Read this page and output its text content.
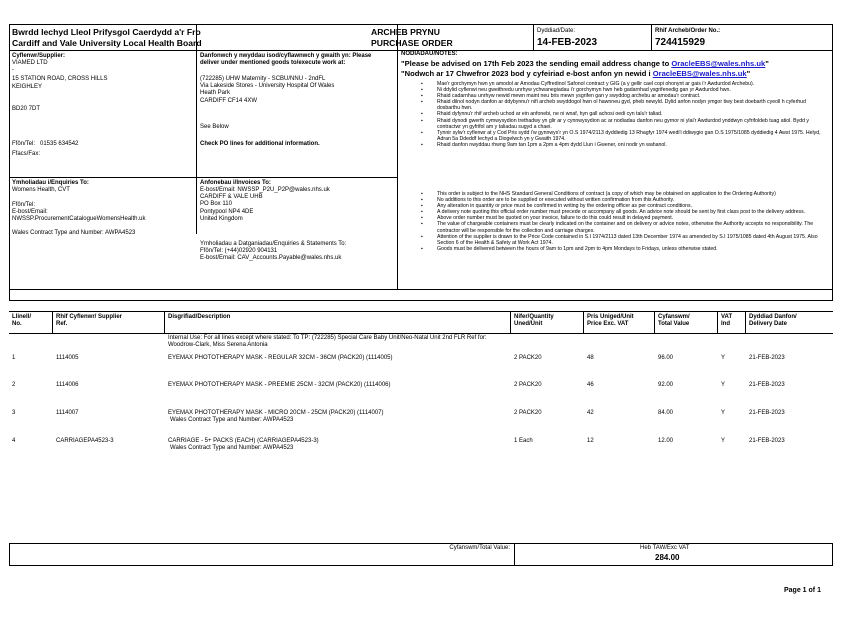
Bwrdd Iechyd Lleol Prifysgol Caerdydd a'r Fro
Cardiff and Vale University Local Health Board
ARCHEB PRYNU
PURCHASE ORDER
Dyddiad/Date:
14-FEB-2023
Rhif Archeb/Order No.:
724415929
Cyflenwr/Supplier:
VIAMED LTD
-
15 STATION ROAD, CROSS HILLS
KEIGHLEY
BD20 7DT
Ffôn/Tel:   01535 634542
Ffacs/Fax:
Danfonwch y nwyddau isod/cyflawnwch y gwaith yn: Please deliver under mentioned goods to/execute work at:
(722285) UHW Maternity - SCBU/NNU - 2ndFL
Via Lakeside Stores - University Hospital Of Wales
Heath Park
CARDIFF CF14 4XW
See Below
Check PO lines for additional information.
Ymholiadau i/Enquiries To:
Womens Health, CVT
Ffôn/Tel:
E-bost/Email:
NWSSP.ProcurementCatalogueWomensHealth.uk
Wales Contract Type and Number: AWPA4523
Anfonebau i/Invoices To:
E-bost/Email: NWSSP_P2U_P2P@wales.nhs.uk
CARDIFF & VALE UHB
PO Box 110
Pontypool NP4 4DE
United Kingdom
Ymholiadau a Datganiadau/Enquiries & Statements To:
Ffôn/Tel: (+44)02920 904131
E-bost/Email: CAV_Accounts.Payable@wales.nhs.uk
NODIADAU/NOTES:
"Please be advised on 17th Feb 2023 the sending email address change to OracleEBS@wales.nhs.uk"
"Nodwch ar 17 Chwefror 2023 bod y cyfeiriad e-bost anfon yn newid i OracleEBS@wales.nhs.uk"
▪ Mae'r gorchymyn hwn yn amodol ar Amodau Cyffredinol Safonol contract y GIG (a y gellir cael copi ohonynt ar gais i'r Awdurdod Archebu).
▪ Ni ddylid cyflenwi neu gweithredu unrhyw ychwanegiadau i'r gorchymyn hwn heb gadarnhad ysgrifenedig gan yr Awdurdod hwn.
▪ Rhaid cadarnhau unrhyw newid mewn maint neu bris mewn ysgrifen gan y swyddog archebu ar amodau'r contract.
▪ Rhaid dilnol nodyn danfon ar ddybynnu'r nifi archeb swyddogol hwn ol hawnneu gyd, pheb newyld. Dylid anfon nodyn ymgor tiwy best doebarth cyeoll h cyferhud dosbarthu hwn.
▪ Rhaid dyfynnu'r rhif archeb uchod ar ein anfonebi, ne ni wnaf, hyn gall achosi oedi cyn talu'r taliad.
▪ Rhaid dynodi gwerth cymwysydion trethadwy yn glir ar y cynnwysydion ac ar nodiadau danfon neu gyrnor ni ylai'r Awdurdod ynddwyn cyfrifoldeb tuag atiol. Bydd y contractwr yn gyfrifol am y taliadau sugyd a chaei.
▪ Tynnir sylw'r cyflenwr at y Cod Pris sydd i'w gynnwys'r yn O.S 1974/2113 dyddiedig 13 Rhagfyr 1974 wedi'i ddiwygio gan O.S 1975/1085 dyddiedig 4 Awst 1975. Helyd, Adran 5a Ddeddf Iechyd a Diogelwch yn y Gwaith 1974.
▪ Rhaid danfon nwyddau rhwng 9am tan 1pm a 2pm a 4pm dydd Llun i Gwener, oni nodir yn wahanol.
▪ This order is subject to the NHS Standard General Conditions of contract (a copy of which may be obtained on application to the Ordering Authority)
▪ No additions to this order are to be supplied or executed without written confirmation from this Authority.
▪ Any alteration in quantity or price must be confirmed in writing by the ordering officer as per contract conditions.
▪ A delivery note quoting this official order number must precede or accompany all goods. An advice note should be sent by first class post to the delivery address.
▪ Above order number must be quoted on your invoice, failure to do this could result in delayed payment.
▪ The value of chargeable containers must be clearly indicated on the container and on delivery or advice notes, otherwise the Authority accepts no responsibility. The contractor will be responsible for the collection and carriage charges.
▪ Attention of the supplier is drawn to the Price Code contained in S.I 1974/2113 dated 13th December 1974 as amended by S.I 1975/1085 dated 4th August 1975. Also Section 6 of the Health & Safety at Work Act 1974.
▪ Goods must be delivered between the hours of 9am to 1pm and 2pm to 4pm Mondays to Fridays, unless otherwise stated.
Llinell/
No.
Rhif Cyflenwr/ Supplier
Ref.
Disgrifiad/Description	Nifer/Quantity
Uned/Unit
Pris Uniged/Unit
Price Exc. VAT
Cyfanswm/
Total Value
VAT
Ind
Dyddiad Danfon/
Delivery Date
Internal Use: For all lines except where stated: To TP: (722285) Special Care Baby Unit/Neo-Natal Unit 2nd FLR Ref for: Woodrow-Clark, Miss Serena Antonia
1	1114005	EYEMAX PHOTOTHERAPY MASK - REGULAR 32CM - 36CM (PACK20) (1114005)	2 PACK20	48	96.00	Y	21-FEB-2023
2	1114006	EYEMAX PHOTOTHERAPY MASK - PREEMIE 25CM - 32CM (PACK20) (1114006)	2 PACK20	46	92.00	Y	21-FEB-2023
3	1114007	EYEMAX PHOTOTHERAPY MASK - MICRO 20CM - 25CM (PACK20) (1114007)	2 PACK20	42	84.00	Y	21-FEB-2023
Wales Contract Type and Number: AWPA4523
4	CARRIAGEPA4523-3	CARRIAGE - 5+ PACKS (EACH) (CARRIAGEPA4523-3)	1 Each	12	12.00	Y	21-FEB-2023
Wales Contract Type and Number: AWPA4523
Cyfanswm/Total Value:	Heb TAW/Exc VAT
284.00
Page 1 of 1
